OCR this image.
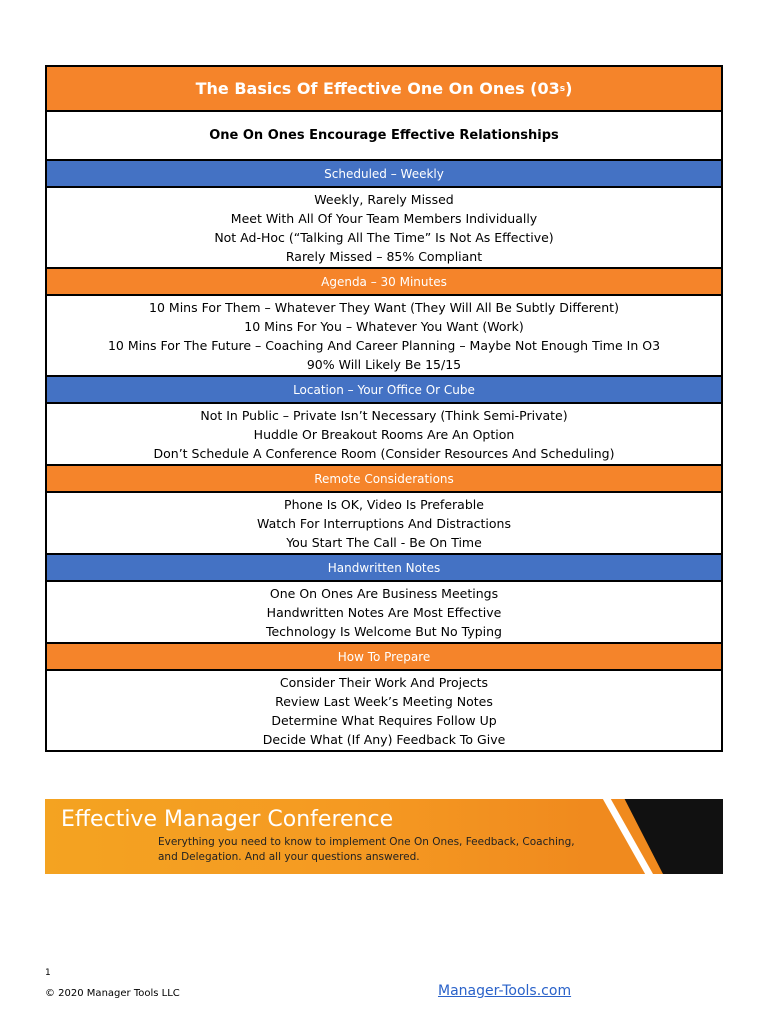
The Basics Of Effective One On Ones (03 s )
One On Ones Encourage Effective Relationships
Scheduled – Weekly
Weekly, Rarely Missed
Meet With All Of Your Team Members Individually
Not Ad-Hoc (“Talking All The Time” Is Not As Effective)
Rarely Missed – 85% Compliant
Agenda – 30 Minutes
10 Mins For Them – Whatever They Want (They Will All Be Subtly Different)
10 Mins For You – Whatever You Want (Work)
10 Mins For The Future – Coaching And Career Planning – Maybe Not Enough Time In O3
90% Will Likely Be 15/15
Location – Your Office Or Cube
Not In Public – Private Isn’t Necessary (Think Semi-Private)
Huddle Or Breakout Rooms Are An Option
Don’t Schedule A Conference Room (Consider Resources And Scheduling)
Remote Considerations
Phone Is OK, Video Is Preferable
Watch For Interruptions And Distractions
You Start The Call - Be On Time
Handwritten Notes
One On Ones Are Business Meetings
Handwritten Notes Are Most Effective
Technology Is Welcome But No Typing
How To Prepare
Consider Their Work And Projects
Review Last Week’s Meeting Notes
Determine What Requires Follow Up
Decide What (If Any) Feedback To Give
Effective Manager Conference
Everything you need to know to implement One On Ones, Feedback, Coaching,
and Delegation. And all your questions answered.
1
© 2020 Manager Tools LLC	Manager-Tools.com
